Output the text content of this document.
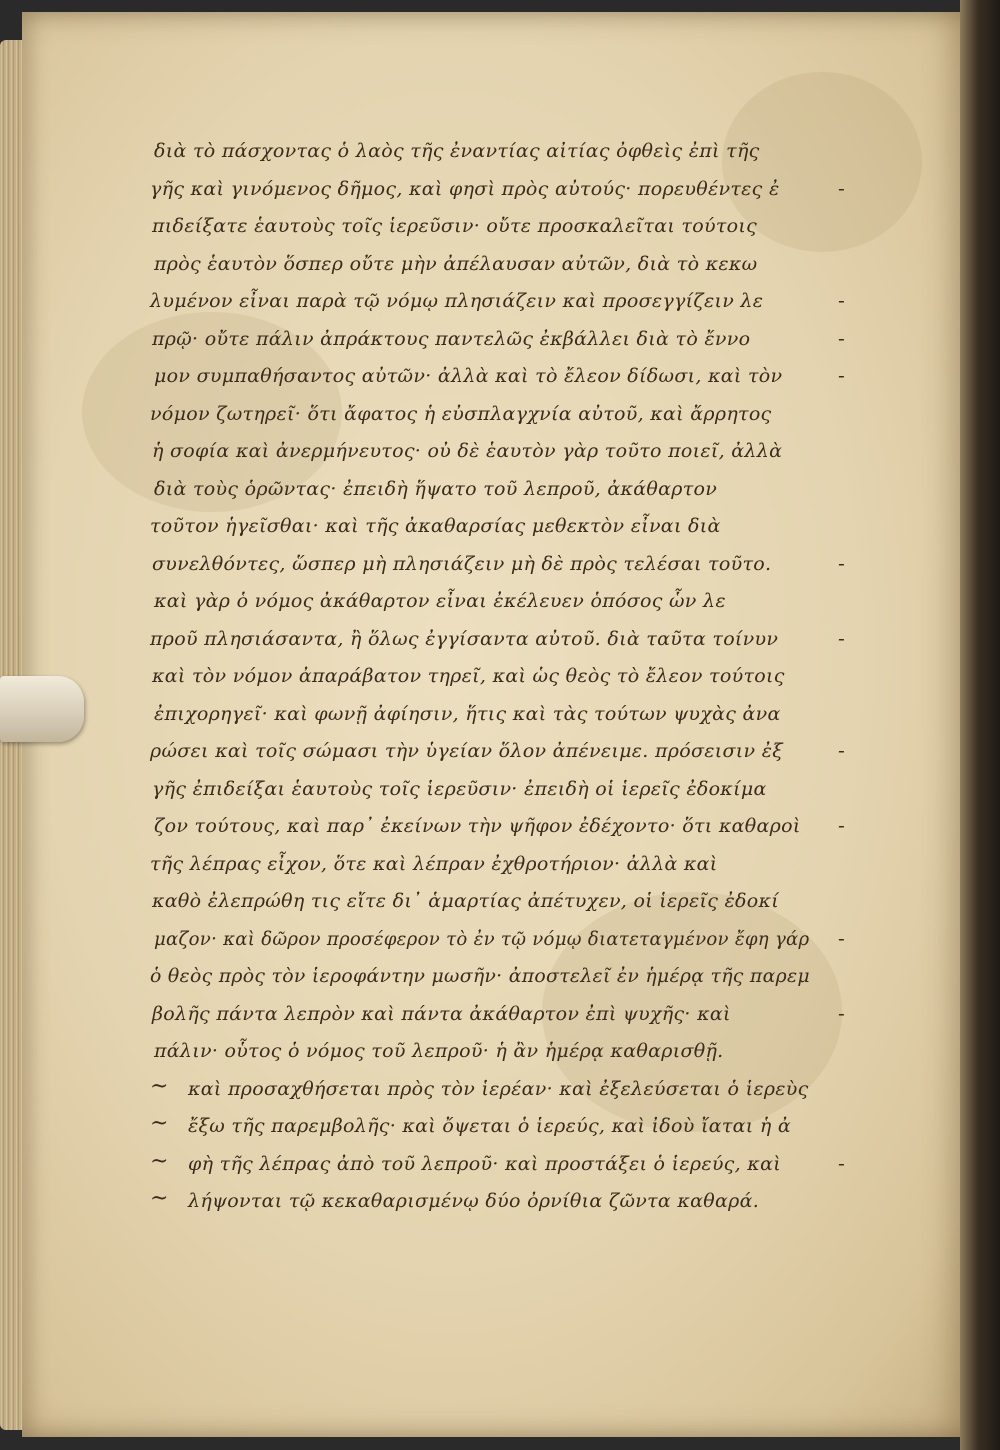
διὰ τὸ πάσχοντας ὁ λαὸς τῆς ἐναντίας αἰτίας ὀφθεὶς ἐπὶ τῆς
γῆς καὶ γινόμενος δῆμος, καὶ φησὶ πρὸς αὐτούς· πορευθέντες ἐ
πιδείξατε ἑαυτοὺς τοῖς ἱερεῦσιν· οὔτε προσκαλεῖται τούτοις
πρὸς ἑαυτὸν ὅσπερ οὔτε μὴν ἀπέλαυσαν αὐτῶν, διὰ τὸ κεκω
λυμένον εἶναι παρὰ τῷ νόμῳ πλησιάζειν καὶ προσεγγίζειν λε
πρῷ· οὔτε πάλιν ἀπράκτους παντελῶς ἐκβάλλει διὰ τὸ ἔννο
μον συμπαθήσαντος αὐτῶν· ἀλλὰ καὶ τὸ ἔλεον δίδωσι, καὶ τὸν
νόμον ζωτηρεῖ· ὅτι ἄφατος ἡ εὐσπλαγχνία αὐτοῦ, καὶ ἄρρητος
ἡ σοφία καὶ ἀνερμήνευτος· οὐ δὲ ἑαυτὸν γὰρ τοῦτο ποιεῖ, ἀλλὰ
διὰ τοὺς ὁρῶντας· ἐπειδὴ ἥψατο τοῦ λεπροῦ, ἀκάθαρτον
τοῦτον ἡγεῖσθαι· καὶ τῆς ἀκαθαρσίας μεθεκτὸν εἶναι διὰ
συνελθόντες, ὥσπερ μὴ πλησιάζειν μὴ δὲ πρὸς τελέσαι τοῦτο.
καὶ γὰρ ὁ νόμος ἀκάθαρτον εἶναι ἐκέλευεν ὁπόσος ὧν λε
προῦ πλησιάσαντα, ἢ ὅλως ἐγγίσαντα αὐτοῦ. διὰ ταῦτα τοίνυν
καὶ τὸν νόμον ἀπαράβατον τηρεῖ, καὶ ὡς θεὸς τὸ ἔλεον τούτοις
ἐπιχορηγεῖ· καὶ φωνῇ ἀφίησιν, ἥτις καὶ τὰς τούτων ψυχὰς ἀνα
ρώσει καὶ τοῖς σώμασι τὴν ὑγείαν ὅλον ἀπένειμε. πρόσεισιν ἐξ
γῆς ἐπιδείξαι ἑαυτοὺς τοῖς ἱερεῦσιν· ἐπειδὴ οἱ ἱερεῖς ἐδοκίμα
ζον τούτους, καὶ παρ᾽ ἐκείνων τὴν ψῆφον ἐδέχοντο· ὅτι καθαροὶ
τῆς λέπρας εἶχον, ὅτε καὶ λέπραν ἐχθροτήριον· ἀλλὰ καὶ
καθὸ ἐλεπρώθη τις εἴτε δι᾽ ἁμαρτίας ἀπέτυχεν, οἱ ἱερεῖς ἐδοκί
μαζον· καὶ δῶρον προσέφερον τὸ ἐν τῷ νόμῳ διατεταγμένον ἔφη γάρ
ὁ θεὸς πρὸς τὸν ἱεροφάντην μωσῆν· ἀποστελεῖ ἐν ἡμέρᾳ τῆς παρεμ
βολῆς πάντα λεπρὸν καὶ πάντα ἀκάθαρτον ἐπὶ ψυχῆς· καὶ
πάλιν· οὗτος ὁ νόμος τοῦ λεπροῦ· ἡ ἂν ἡμέρᾳ καθαρισθῇ.
καὶ προσαχθήσεται πρὸς τὸν ἱερέαν· καὶ ἐξελεύσεται ὁ ἱερεὺς
ἔξω τῆς παρεμβολῆς· καὶ ὄψεται ὁ ἱερεύς, καὶ ἰδοὺ ἴαται ἡ ἀ
φὴ τῆς λέπρας ἀπὸ τοῦ λεπροῦ· καὶ προστάξει ὁ ἱερεύς, καὶ
λήψονται τῷ κεκαθαρισμένῳ δύο ὀρνίθια ζῶντα καθαρά.
-
-
-
-
-
-
-
-
-
-
-
~
~
~
~
